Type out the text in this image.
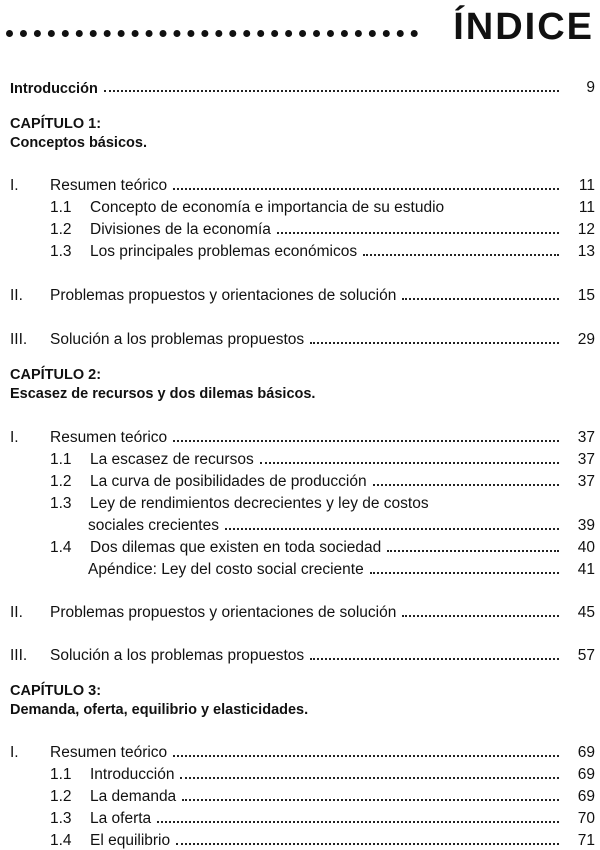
ÍNDICE
Introducción	9
CAPÍTULO 1:
Conceptos básicos.
I.	Resumen teórico	11
1.1	Concepto de economía e importancia de su estudio	11
1.2	Divisiones de la economía	12
1.3	Los principales problemas económicos	13
II.	Problemas propuestos y orientaciones de solución	15
III.	Solución a los problemas propuestos	29
CAPÍTULO 2:
Escasez de recursos y dos dilemas básicos.
I.	Resumen teórico	37
1.1	La escasez de recursos	37
1.2	La curva de posibilidades de producción	37
1.3	Ley de rendimientos decrecientes y ley de costos
sociales crecientes	39
1.4	Dos dilemas que existen en toda sociedad	40
Apéndice: Ley del costo social creciente	41
II.	Problemas propuestos y orientaciones de solución	45
III.	Solución a los problemas propuestos	57
CAPÍTULO 3:
Demanda, oferta, equilibrio y elasticidades.
I.	Resumen teórico	69
1.1	Introducción	69
1.2	La demanda	69
1.3	La oferta	70
1.4	El equilibrio	71
